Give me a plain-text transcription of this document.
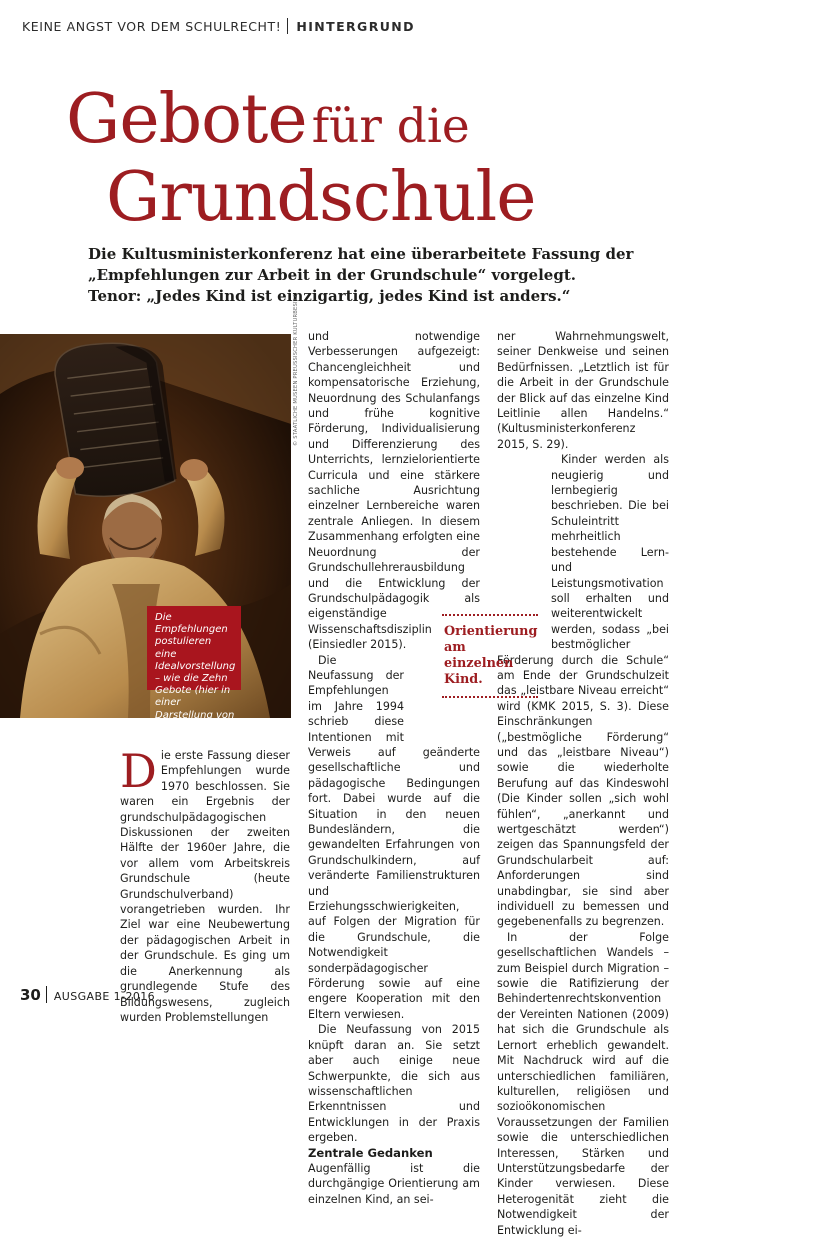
KEINE ANGST VOR DEM SCHULRECHT! HINTERGRUND
Gebote für die
Grundschule
Die Kultusministerkonferenz hat eine überarbeitete Fassung der
„Empfehlungen zur Arbeit in der Grundschule“ vorgelegt.
Tenor: „Jedes Kind ist einzigartig, jedes Kind ist anders.“
© STAATLICHE MUSEEN PREUSSISCHER KULTURBESITZ
Die Empfehlungen postulieren eine Idealvorstellung – wie die Zehn Gebote (hier in einer Darstellung von Rembrandt).
D ie erste Fassung dieser Empfehlungen wurde 1970 beschlossen. Sie waren ein Ergebnis der grundschulpädagogischen Diskussionen der zweiten Hälfte der 1960er Jahre, die vor allem vom Arbeitskreis Grundschule (heute Grundschulverband) vorangetrieben wurden. Ihr Ziel war eine Neubewertung der pädagogischen Arbeit in der Grundschule. Es ging um die Anerkennung als grundlegende Stufe des Bildungswesens, zugleich wurden Problemstellungen

und notwendige Verbesserungen aufgezeigt: Chancengleichheit und kompensatorische Erziehung, Neuordnung des Schulanfangs und frühe kognitive Förderung, Individualisierung und Differenzierung des Unterrichts, lernzielorientierte Curricula und eine stärkere sachliche Ausrichtung einzelner Lernbereiche waren zentrale Anliegen. In diesem Zusammenhang erfolgten eine Neuordnung der Grundschullehrerausbildung und die Entwicklung der Grundschulpädagogik als eigenständige Wissenschaftsdisziplin (Einsiedler 2015).

Die Neufassung der Empfehlungen im Jahre 1994 schrieb diese Intentionen mit Verweis auf geänderte gesellschaftliche und pädagogische Bedingungen fort. Dabei wurde auf die Situation in den neuen Bundesländern, die gewandelten Erfahrungen von Grundschulkindern, auf veränderte Familienstrukturen und Erziehungsschwierigkeiten, auf Folgen der Migration für die Grundschule, die Notwendigkeit sonderpädagogischer Förderung sowie auf eine engere Kooperation mit den Eltern verwiesen.

Die Neufassung von 2015 knüpft daran an. Sie setzt aber auch einige neue Schwerpunkte, die sich aus wissenschaftlichen Erkenntnissen und Entwicklungen in der Praxis ergeben.

Zentrale Gedanken

Augenfällig ist die durchgängige Orientierung am einzelnen Kind, an sei-

ner Wahrnehmungswelt, seiner Denkweise und seinen Bedürfnissen. „Letztlich ist für die Arbeit in der Grundschule der Blick auf das einzelne Kind Leitlinie allen Handelns.“ (Kultusministerkonferenz 2015, S. 29).

Kinder werden als neugierig und lernbegierig beschrieben. Die bei Schuleintritt mehrheitlich bestehende Lern- und Leistungsmotivation soll erhalten und weiterentwickelt werden, sodass „bei bestmöglicher Förderung durch die Schule“ am Ende der Grundschulzeit das „leistbare Niveau erreicht“ wird (KMK 2015, S. 3). Diese Einschränkungen („bestmögliche Förderung“ und das „leistbare Niveau“) sowie die wiederholte Berufung auf das Kindeswohl (Die Kinder sollen „sich wohl fühlen“, „anerkannt und wertgeschätzt werden“) zeigen das Spannungsfeld der Grundschularbeit auf: Anforderungen sind unabdingbar, sie sind aber individuell zu bemessen und gegebenenfalls zu begrenzen.

In der Folge gesellschaftlichen Wandels – zum Beispiel durch Migration – sowie die Ratifizierung der Behindertenrechtskonvention der Vereinten Nationen (2009) hat sich die Grundschule als Lernort erheblich gewandelt. Mit Nachdruck wird auf die unterschiedlichen familiären, kulturellen, religiösen und sozioökonomischen Voraussetzungen der Familien sowie die unterschiedlichen Interessen, Stärken und Unterstützungsbedarfe der Kinder verwiesen. Diese Heterogenität zieht die Notwendigkeit der Entwicklung ei-

Orientierung am einzelnen Kind.
30 AUSGABE 1-2016
